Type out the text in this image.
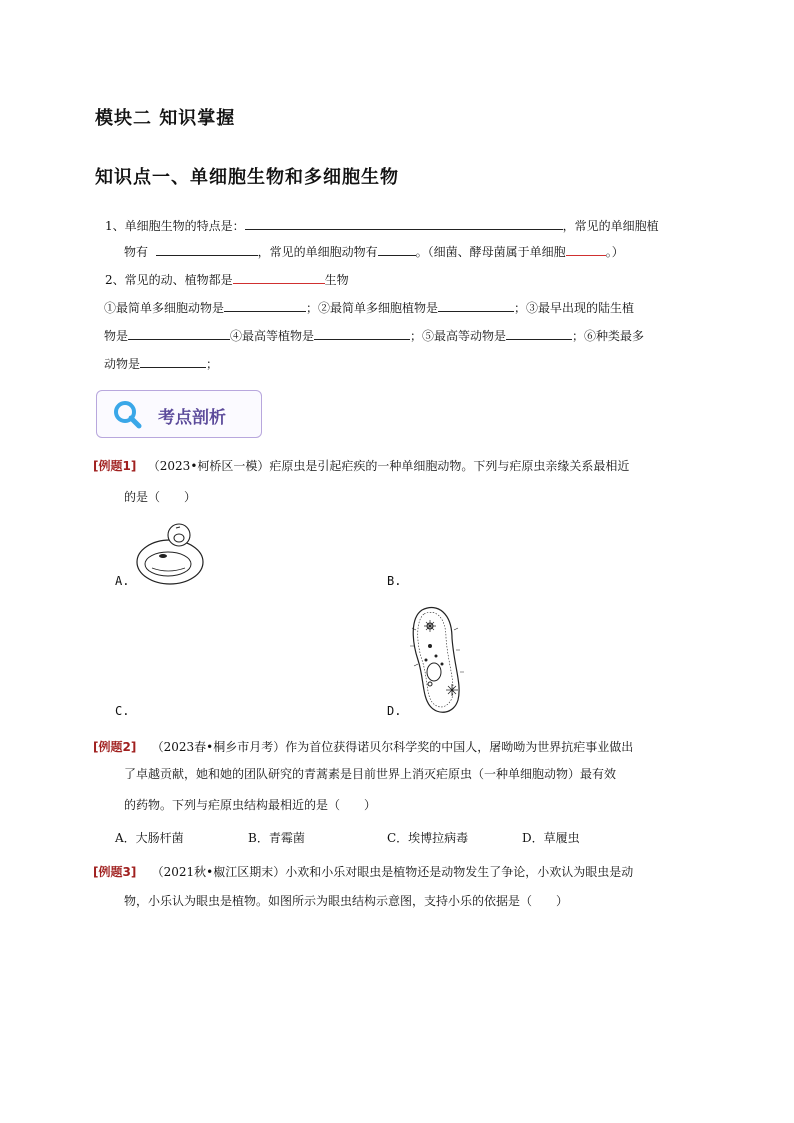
模块二 知识掌握
知识点一、单细胞生物和多细胞生物
1、单细胞生物的特点是：	，常见的单细胞植
物有	，常见的单细胞动物有	。（细菌、酵母菌属于单细胞	。）
2、常见的动、植物都是	生物
①最简单多细胞动物是	；②最简单多细胞植物是	；③最早出现的陆生植
物是	④最高等植物是	；⑤最高等动物是	；⑥种类最多
动物是	；
考点剖析
[例题1] （2023•柯桥区一模）疟原虫是引起疟疾的一种单细胞动物。下列与疟原虫亲缘关系最相近
的是（　　）
A.	B.
C.	D.
[例题2] （2023春•桐乡市月考）作为首位获得诺贝尔科学奖的中国人，屠呦呦为世界抗疟事业做出
了卓越贡献，她和她的团队研究的青蒿素是目前世界上消灭疟原虫（一种单细胞动物）最有效
的药物。下列与疟原虫结构最相近的是（　　）
A．大肠杆菌	B．青霉菌	C．埃博拉病毒	D．草履虫
[例题3] （2021秋•椒江区期末）小欢和小乐对眼虫是植物还是动物发生了争论，小欢认为眼虫是动
物，小乐认为眼虫是植物。如图所示为眼虫结构示意图，支持小乐的依据是（　　）
